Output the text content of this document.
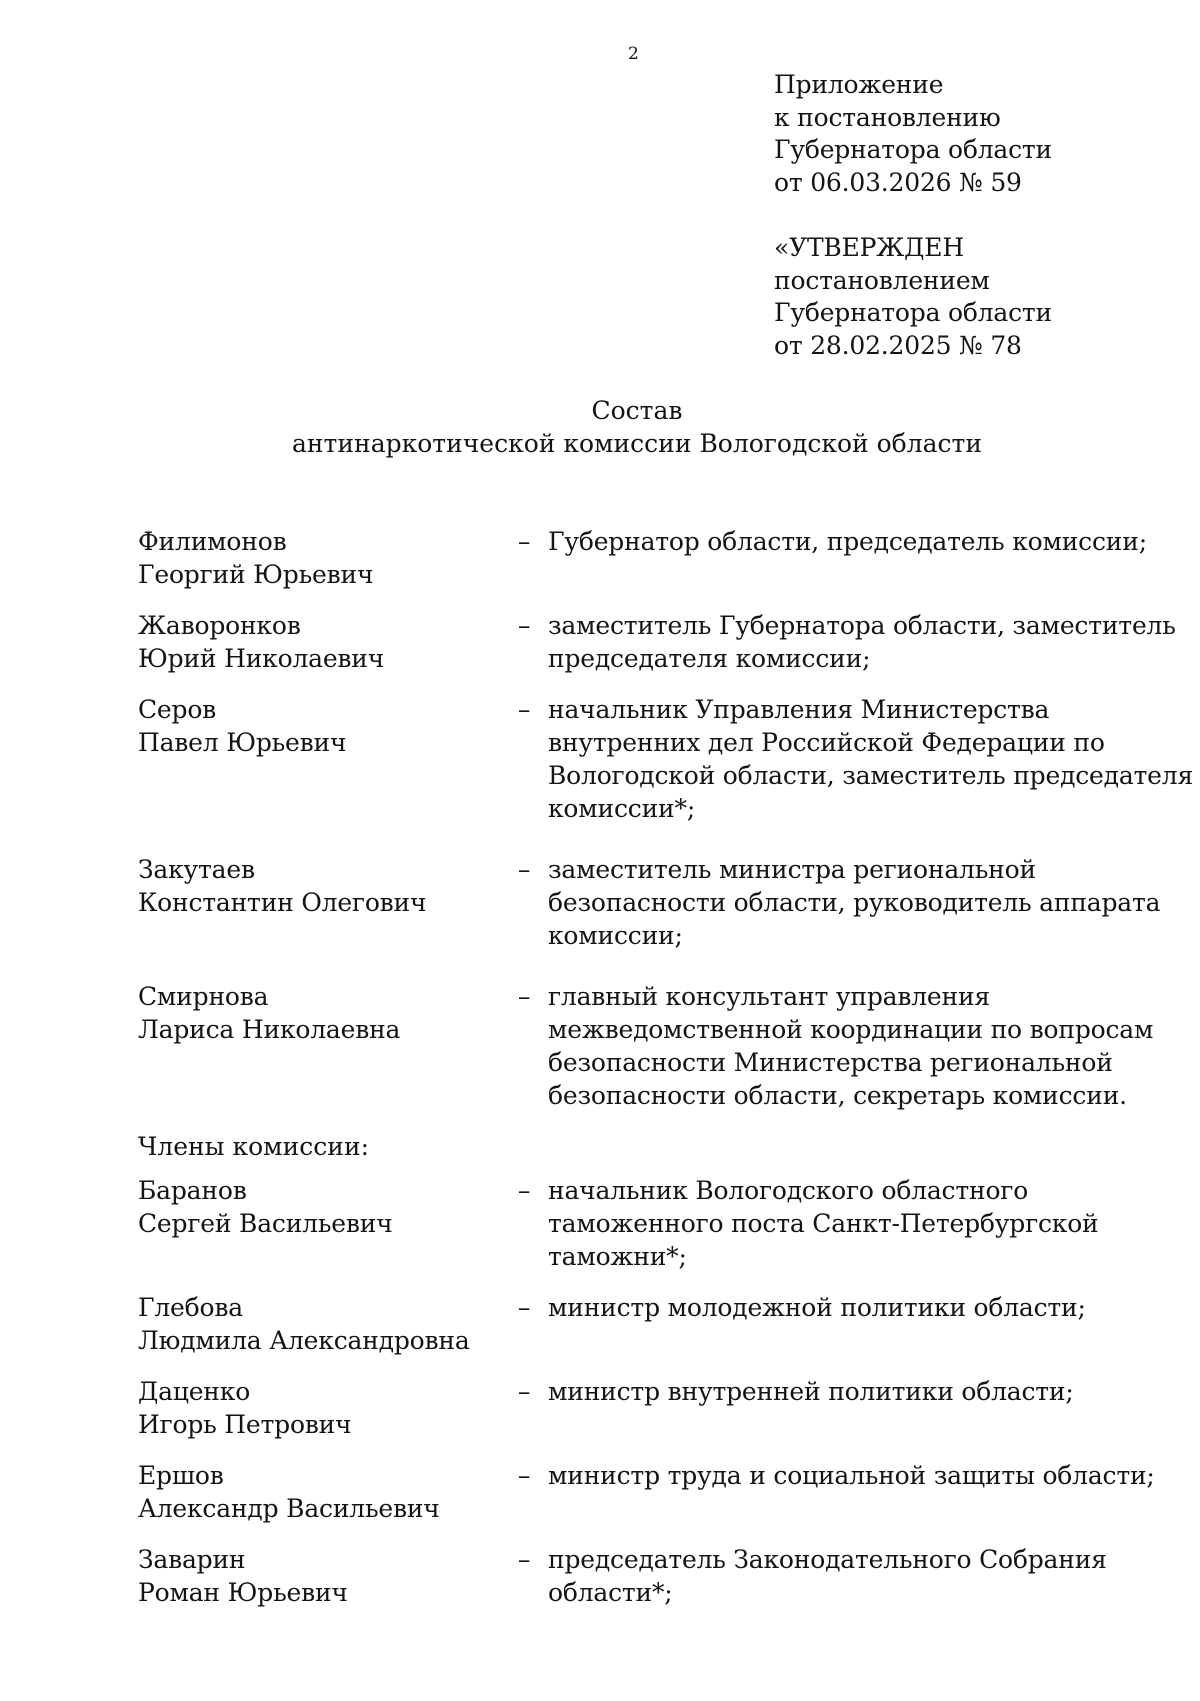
2
Приложение
к постановлению
Губернатора области
от 06.03.2026 № 59
«УТВЕРЖДЕН
постановлением
Губернатора области
от 28.02.2025 № 78
Состав
антинаркотической комиссии Вологодской области
Филимонов
Георгий Юрьевич
– Губернатор области, председатель комиссии;
Жаворонков
Юрий Николаевич
– заместитель Губернатора области, заместитель
председателя комиссии;
Серов
Павел Юрьевич
– начальник Управления Министерства
внутренних дел Российской Федерации по
Вологодской области, заместитель председателя
комиссии*;
Закутаев
Константин Олегович
– заместитель министра региональной
безопасности области, руководитель аппарата
комиссии;
Смирнова
Лариса Николаевна
– главный консультант управления
межведомственной координации по вопросам
безопасности Министерства региональной
безопасности области, секретарь комиссии.
Члены комиссии:
Баранов
Сергей Васильевич
– начальник Вологодского областного
таможенного поста Санкт-Петербургской
таможни*;
Глебова
Людмила Александровна
– министр молодежной политики области;
Даценко
Игорь Петрович
– министр внутренней политики области;
Ершов
Александр Васильевич
– министр труда и социальной защиты области;
Заварин
Роман Юрьевич
– председатель Законодательного Собрания
области*;
